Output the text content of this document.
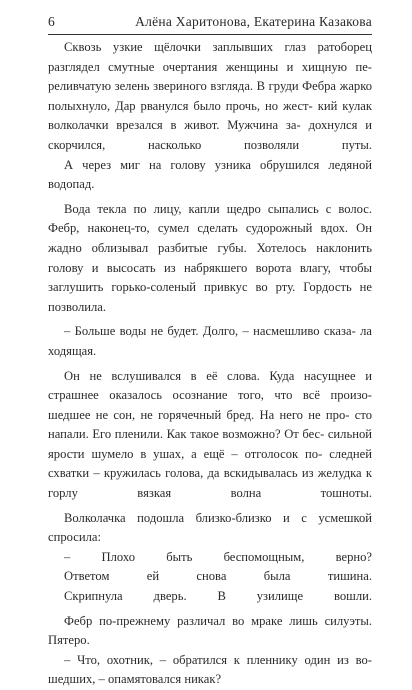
6	Алёна Харитонова, Екатерина Казакова

Сквозь узкие щёлочки заплывших глаз ратоборец разглядел смутные очертания женщины и хищную пе- реливчатую зелень звериного взгляда. В груди Фебра жарко полыхнуло, Дар рванулся было прочь, но жест- кий кулак волколачки врезался в живот. Мужчина за- дохнулся и скорчился, насколько позволяли путы.

А через миг на голову узника обрушился ледяной водопад.

Вода текла по лицу, капли щедро сыпались с волос. Фебр, наконец-то, сумел сделать судорожный вдох. Он жадно облизывал разбитые губы. Хотелось наклонить голову и высосать из набрякшего ворота влагу, чтобы заглушить горько-соленый привкус во рту. Гордость не позволила.

– Больше воды не будет. Долго, – насмешливо сказа- ла ходящая.

Он не вслушивался в её слова. Куда насущнее и страшнее оказалось осознание того, что всё произо- шедшее не сон, не горячечный бред. На него не про- сто напали. Его пленили. Как такое возможно? От бес- сильной ярости шумело в ушах, а ещё – отголосок по- следней схватки – кружилась голова, да вскидывалась из желудка к горлу вязкая волна тошноты.

Волколачка подошла близко-близко и с усмешкой спросила:

– Плохо быть беспомощным, верно?

Ответом ей снова была тишина.

Скрипнула дверь. В узилище вошли.

Фебр по-прежнему различал во мраке лишь силуэты. Пятеро.

– Что, охотник, – обратился к пленнику один из во- шедших, – опамятовался никак?
